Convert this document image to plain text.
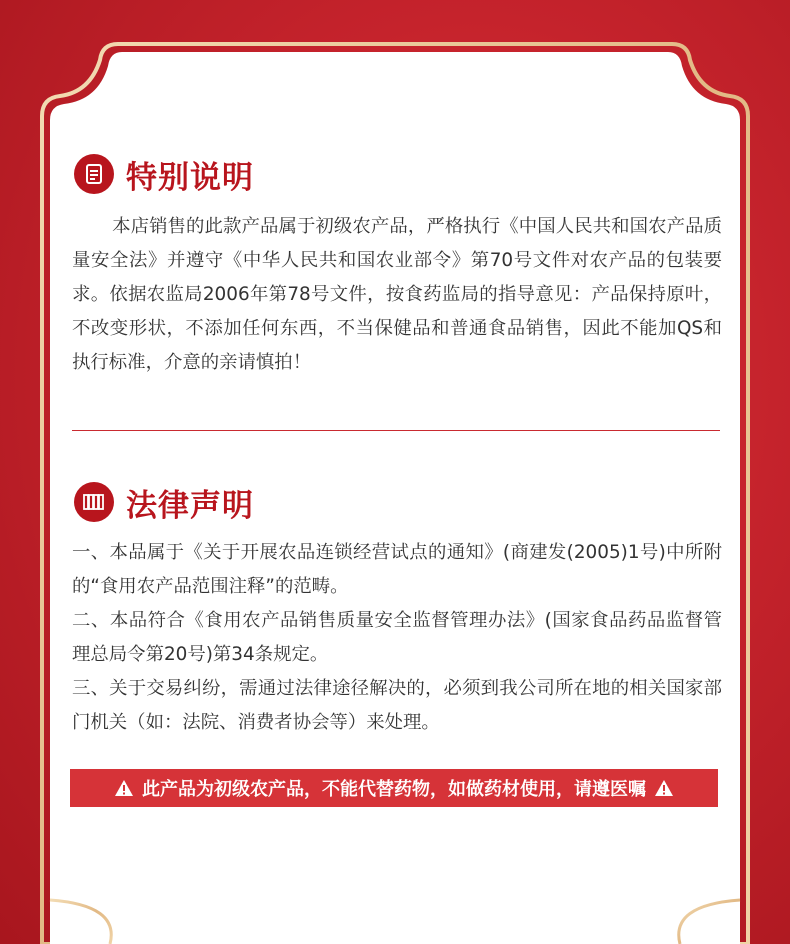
特别说明
本店销售的此款产品属于初级农产品，严格执行《中国人民共和国农产品质量安全法》并遵守《中华人民共和国农业部令》第70号文件对农产品的包装要求。依据农监局2006年第78号文件，按食药监局的指导意见：产品保持原叶，不改变形状，不添加任何东西，不当保健品和普通食品销售，因此不能加QS和执行标准，介意的亲请慎拍！
法律声明
一、本品属于《关于开展农品连锁经营试点的通知》(商建发(2005)1号)中所附的“食用农产品范围注释”的范畴。
二、本品符合《食用农产品销售质量安全监督管理办法》(国家食品药品监督管理总局令第20号)第34条规定。
三、关于交易纠纷，需通过法律途径解决的，必须到我公司所在地的相关国家部门机关（如：法院、消费者协会等）来处理。
此产品为初级农产品，不能代替药物，如做药材使用，请遵医嘱
